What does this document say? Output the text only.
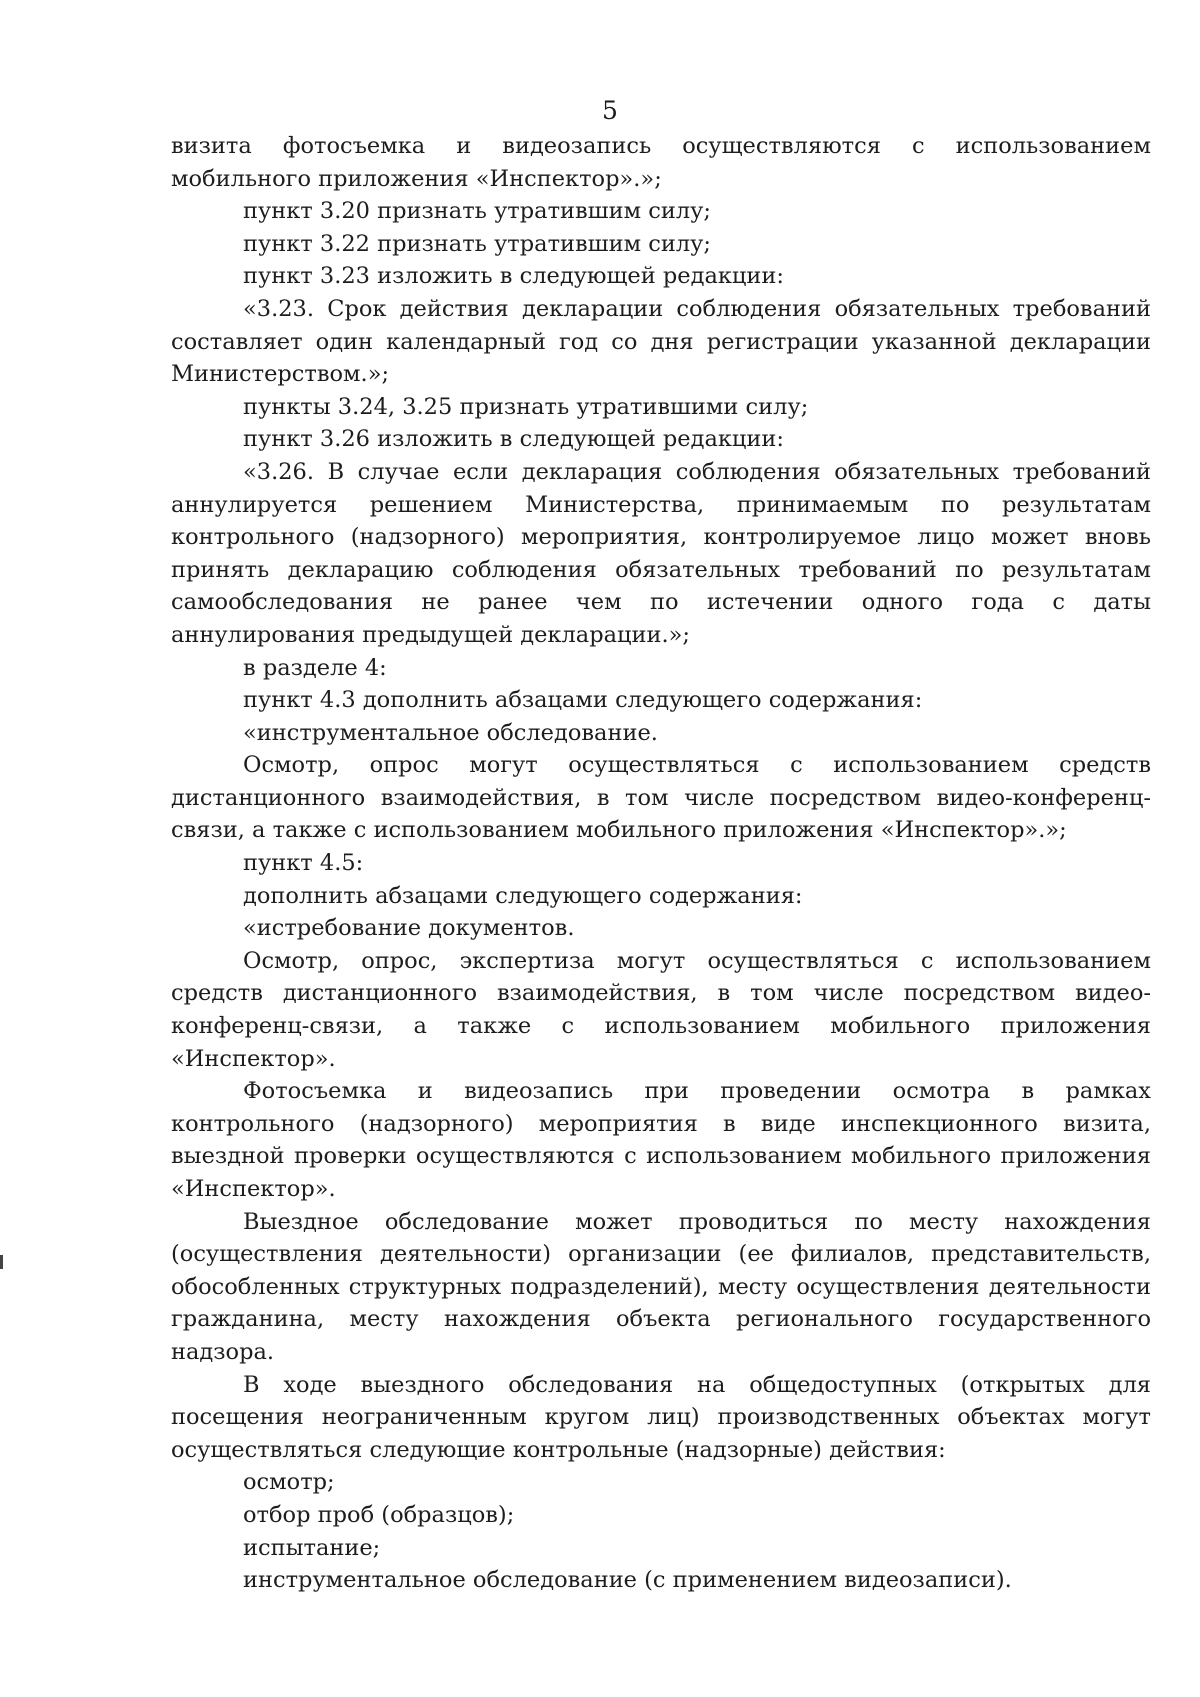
5

визита фотосъемка и видеозапись осуществляются с использованием мобильного приложения «Инспектор».»;

пункт 3.20 признать утратившим силу;

пункт 3.22 признать утратившим силу;

пункт 3.23 изложить в следующей редакции:

«3.23. Срок действия декларации соблюдения обязательных требований составляет один календарный год со дня регистрации указанной декларации Министерством.»;

пункты 3.24, 3.25 признать утратившими силу;

пункт 3.26 изложить в следующей редакции:

«3.26. В случае если декларация соблюдения обязательных требований аннулируется решением Министерства, принимаемым по результатам контрольного (надзорного) мероприятия, контролируемое лицо может вновь принять декларацию соблюдения обязательных требований по результатам самообследования не ранее чем по истечении одного года с даты аннулирования предыдущей декларации.»;

в разделе 4:

пункт 4.3 дополнить абзацами следующего содержания:

«инструментальное обследование.

Осмотр, опрос могут осуществляться с использованием средств дистанционного взаимодействия, в том числе посредством видео-конференц-связи, а также с использованием мобильного приложения «Инспектор».»;

пункт 4.5:

дополнить абзацами следующего содержания:

«истребование документов.

Осмотр, опрос, экспертиза могут осуществляться с использованием средств дистанционного взаимодействия, в том числе посредством видео-конференц-связи, а также с использованием мобильного приложения «Инспектор».

Фотосъемка и видеозапись при проведении осмотра в рамках контрольного (надзорного) мероприятия в виде инспекционного визита, выездной проверки осуществляются с использованием мобильного приложения «Инспектор».

Выездное обследование может проводиться по месту нахождения (осуществления деятельности) организации (ее филиалов, представительств, обособленных структурных подразделений), месту осуществления деятельности гражданина, месту нахождения объекта регионального государственного надзора.

В ходе выездного обследования на общедоступных (открытых для посещения неограниченным кругом лиц) производственных объектах могут осуществляться следующие контрольные (надзорные) действия:

осмотр;

отбор проб (образцов);

испытание;

инструментальное обследование (с применением видеозаписи).
